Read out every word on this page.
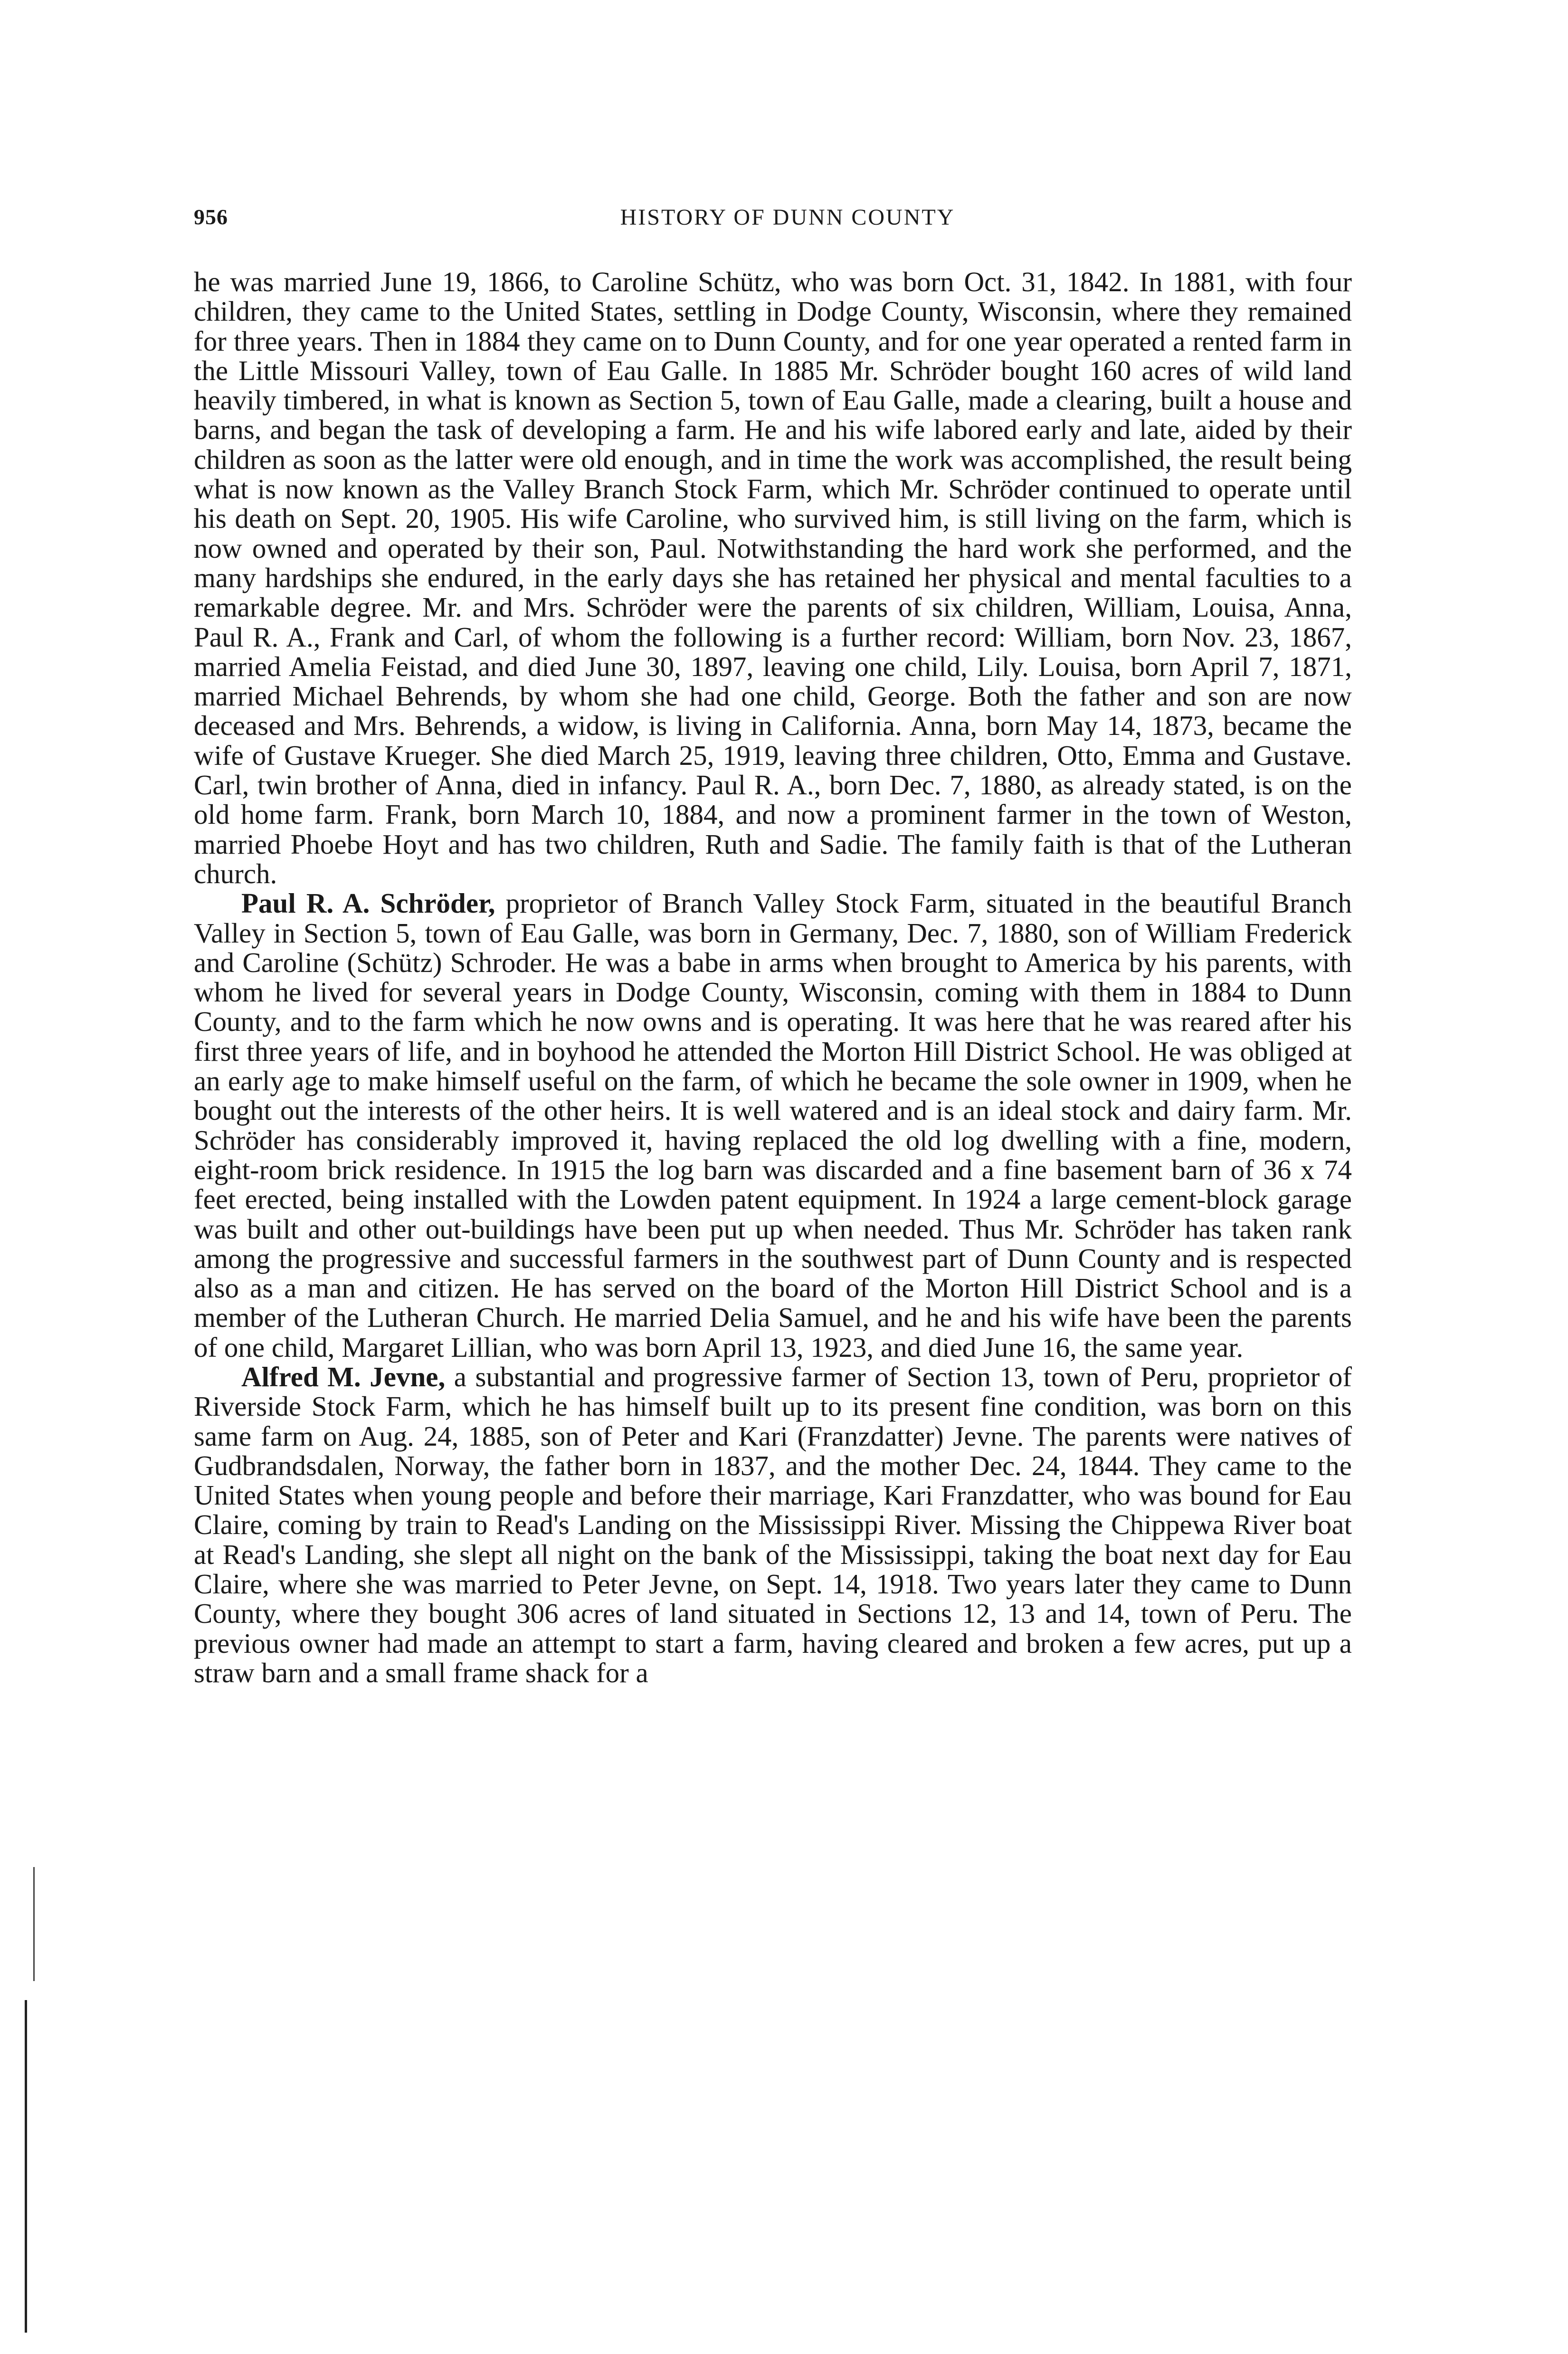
956	HISTORY OF DUNN COUNTY

he was married June 19, 1866, to Caroline Schütz, who was born Oct. 31, 1842. In 1881, with four children, they came to the United States, settling in Dodge County, Wisconsin, where they remained for three years. Then in 1884 they came on to Dunn County, and for one year operated a rented farm in the Little Missouri Valley, town of Eau Galle. In 1885 Mr. Schröder bought 160 acres of wild land heavily timbered, in what is known as Section 5, town of Eau Galle, made a clearing, built a house and barns, and began the task of developing a farm. He and his wife labored early and late, aided by their children as soon as the latter were old enough, and in time the work was accomplished, the result being what is now known as the Valley Branch Stock Farm, which Mr. Schröder continued to operate until his death on Sept. 20, 1905. His wife Caroline, who survived him, is still living on the farm, which is now owned and operated by their son, Paul. Notwithstanding the hard work she performed, and the many hardships she endured, in the early days she has retained her physical and mental faculties to a remarkable degree. Mr. and Mrs. Schröder were the parents of six children, William, Louisa, Anna, Paul R. A., Frank and Carl, of whom the following is a further record: William, born Nov. 23, 1867, married Amelia Feistad, and died June 30, 1897, leaving one child, Lily. Louisa, born April 7, 1871, married Michael Behrends, by whom she had one child, George. Both the father and son are now deceased and Mrs. Behrends, a widow, is living in California. Anna, born May 14, 1873, became the wife of Gustave Krueger. She died March 25, 1919, leaving three children, Otto, Emma and Gustave. Carl, twin brother of Anna, died in infancy. Paul R. A., born Dec. 7, 1880, as already stated, is on the old home farm. Frank, born March 10, 1884, and now a prominent farmer in the town of Weston, married Phoebe Hoyt and has two children, Ruth and Sadie. The family faith is that of the Lutheran church.

Paul R. A. Schröder, proprietor of Branch Valley Stock Farm, situated in the beautiful Branch Valley in Section 5, town of Eau Galle, was born in Germany, Dec. 7, 1880, son of William Frederick and Caroline (Schütz) Schroder. He was a babe in arms when brought to America by his parents, with whom he lived for several years in Dodge County, Wisconsin, coming with them in 1884 to Dunn County, and to the farm which he now owns and is operating. It was here that he was reared after his first three years of life, and in boyhood he attended the Morton Hill District School. He was obliged at an early age to make himself useful on the farm, of which he became the sole owner in 1909, when he bought out the interests of the other heirs. It is well watered and is an ideal stock and dairy farm. Mr. Schröder has considerably improved it, having replaced the old log dwelling with a fine, modern, eight-room brick residence. In 1915 the log barn was discarded and a fine basement barn of 36 x 74 feet erected, being installed with the Lowden patent equipment. In 1924 a large cement-block garage was built and other out-buildings have been put up when needed. Thus Mr. Schröder has taken rank among the progressive and successful farmers in the southwest part of Dunn County and is respected also as a man and citizen. He has served on the board of the Morton Hill District School and is a member of the Lutheran Church. He married Delia Samuel, and he and his wife have been the parents of one child, Margaret Lillian, who was born April 13, 1923, and died June 16, the same year.

Alfred M. Jevne, a substantial and progressive farmer of Section 13, town of Peru, proprietor of Riverside Stock Farm, which he has himself built up to its present fine condition, was born on this same farm on Aug. 24, 1885, son of Peter and Kari (Franzdatter) Jevne. The parents were natives of Gudbrandsdalen, Norway, the father born in 1837, and the mother Dec. 24, 1844. They came to the United States when young people and before their marriage, Kari Franzdatter, who was bound for Eau Claire, coming by train to Read's Landing on the Mississippi River. Missing the Chippewa River boat at Read's Landing, she slept all night on the bank of the Mississippi, taking the boat next day for Eau Claire, where she was married to Peter Jevne, on Sept. 14, 1918. Two years later they came to Dunn County, where they bought 306 acres of land situated in Sections 12, 13 and 14, town of Peru. The previous owner had made an attempt to start a farm, having cleared and broken a few acres, put up a straw barn and a small frame shack for a
